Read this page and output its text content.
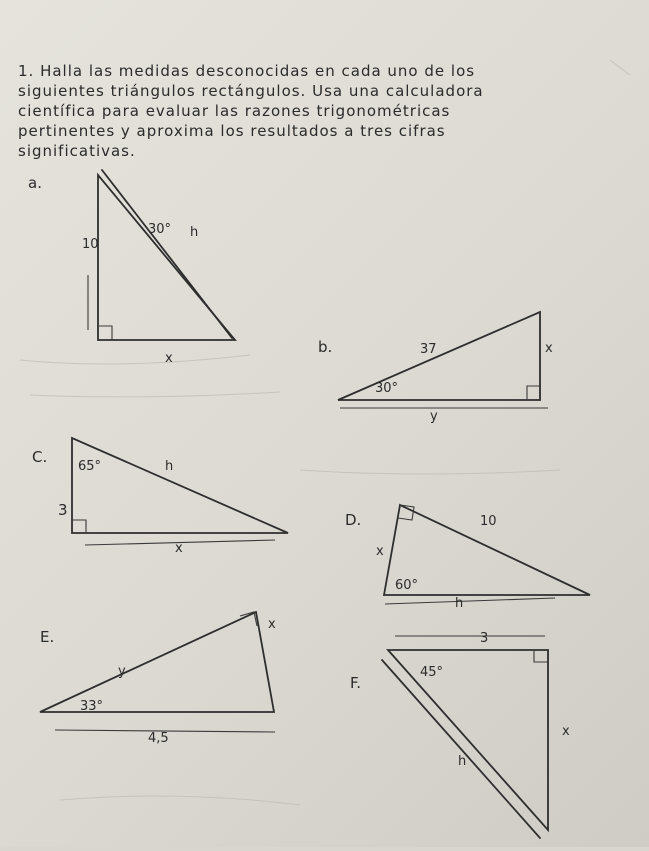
1. Halla las medidas desconocidas en cada uno de los
siguientes triángulos rectángulos. Usa una calculadora
científica para evaluar las razones trigonométricas
pertinentes y aproxima los resultados a tres cifras
significativas.
a.
30°
10
h
x
b.	37
30°
x
y
C.
65°
3
h
x
D.	10
x
60°
h
E.
x
y
33°
4,5
F.
3
45°
x
h
